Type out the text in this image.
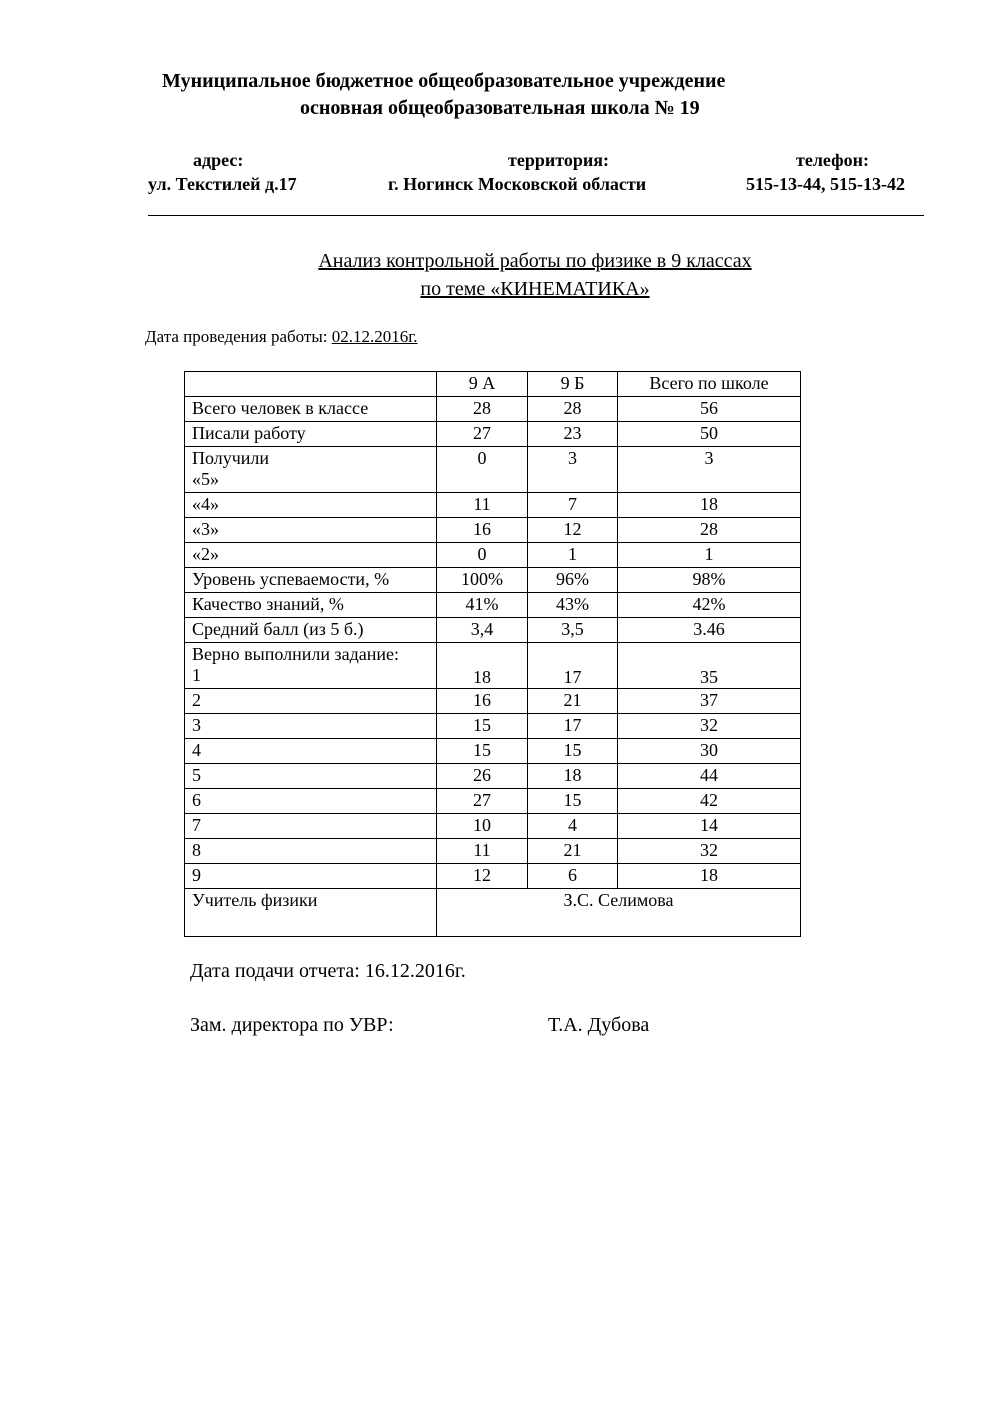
Муниципальное бюджетное общеобразовательное учреждение
основная общеобразовательная школа № 19
адрес:
ул. Текстилей д.17
территория:
г. Ногинск Московской области
телефон:
515-13-44, 515-13-42
Анализ контрольной работы по физике в 9 классах
по теме «КИНЕМАТИКА»
Дата проведения работы: 02.12.2016г.
	9 А	9 Б	Всего по школе
Всего человек в классе	28	28	56
Писали работу	27	23	50

Получили
«5»	0	3	3
«4»	11	7	18
«3»	16	12	28
«2»	0	1	1
Уровень успеваемости, %	100%	96%	98%
Качество знаний, %	41%	43%	42%
Средний балл (из 5 б.)	3,4	3,5	3.46

Верно выполнили задание:
1	18	17	35
2	16	21	37
3	15	17	32
4	15	15	30
5	26	18	44
6	27	15	42
7	10	4	14
8	11	21	32
9	12	6	18
Учитель физики	З.С. Селимова		
Дата подачи отчета: 16.12.2016г.
Зам. директора по УВР:	Т.А. Дубова
